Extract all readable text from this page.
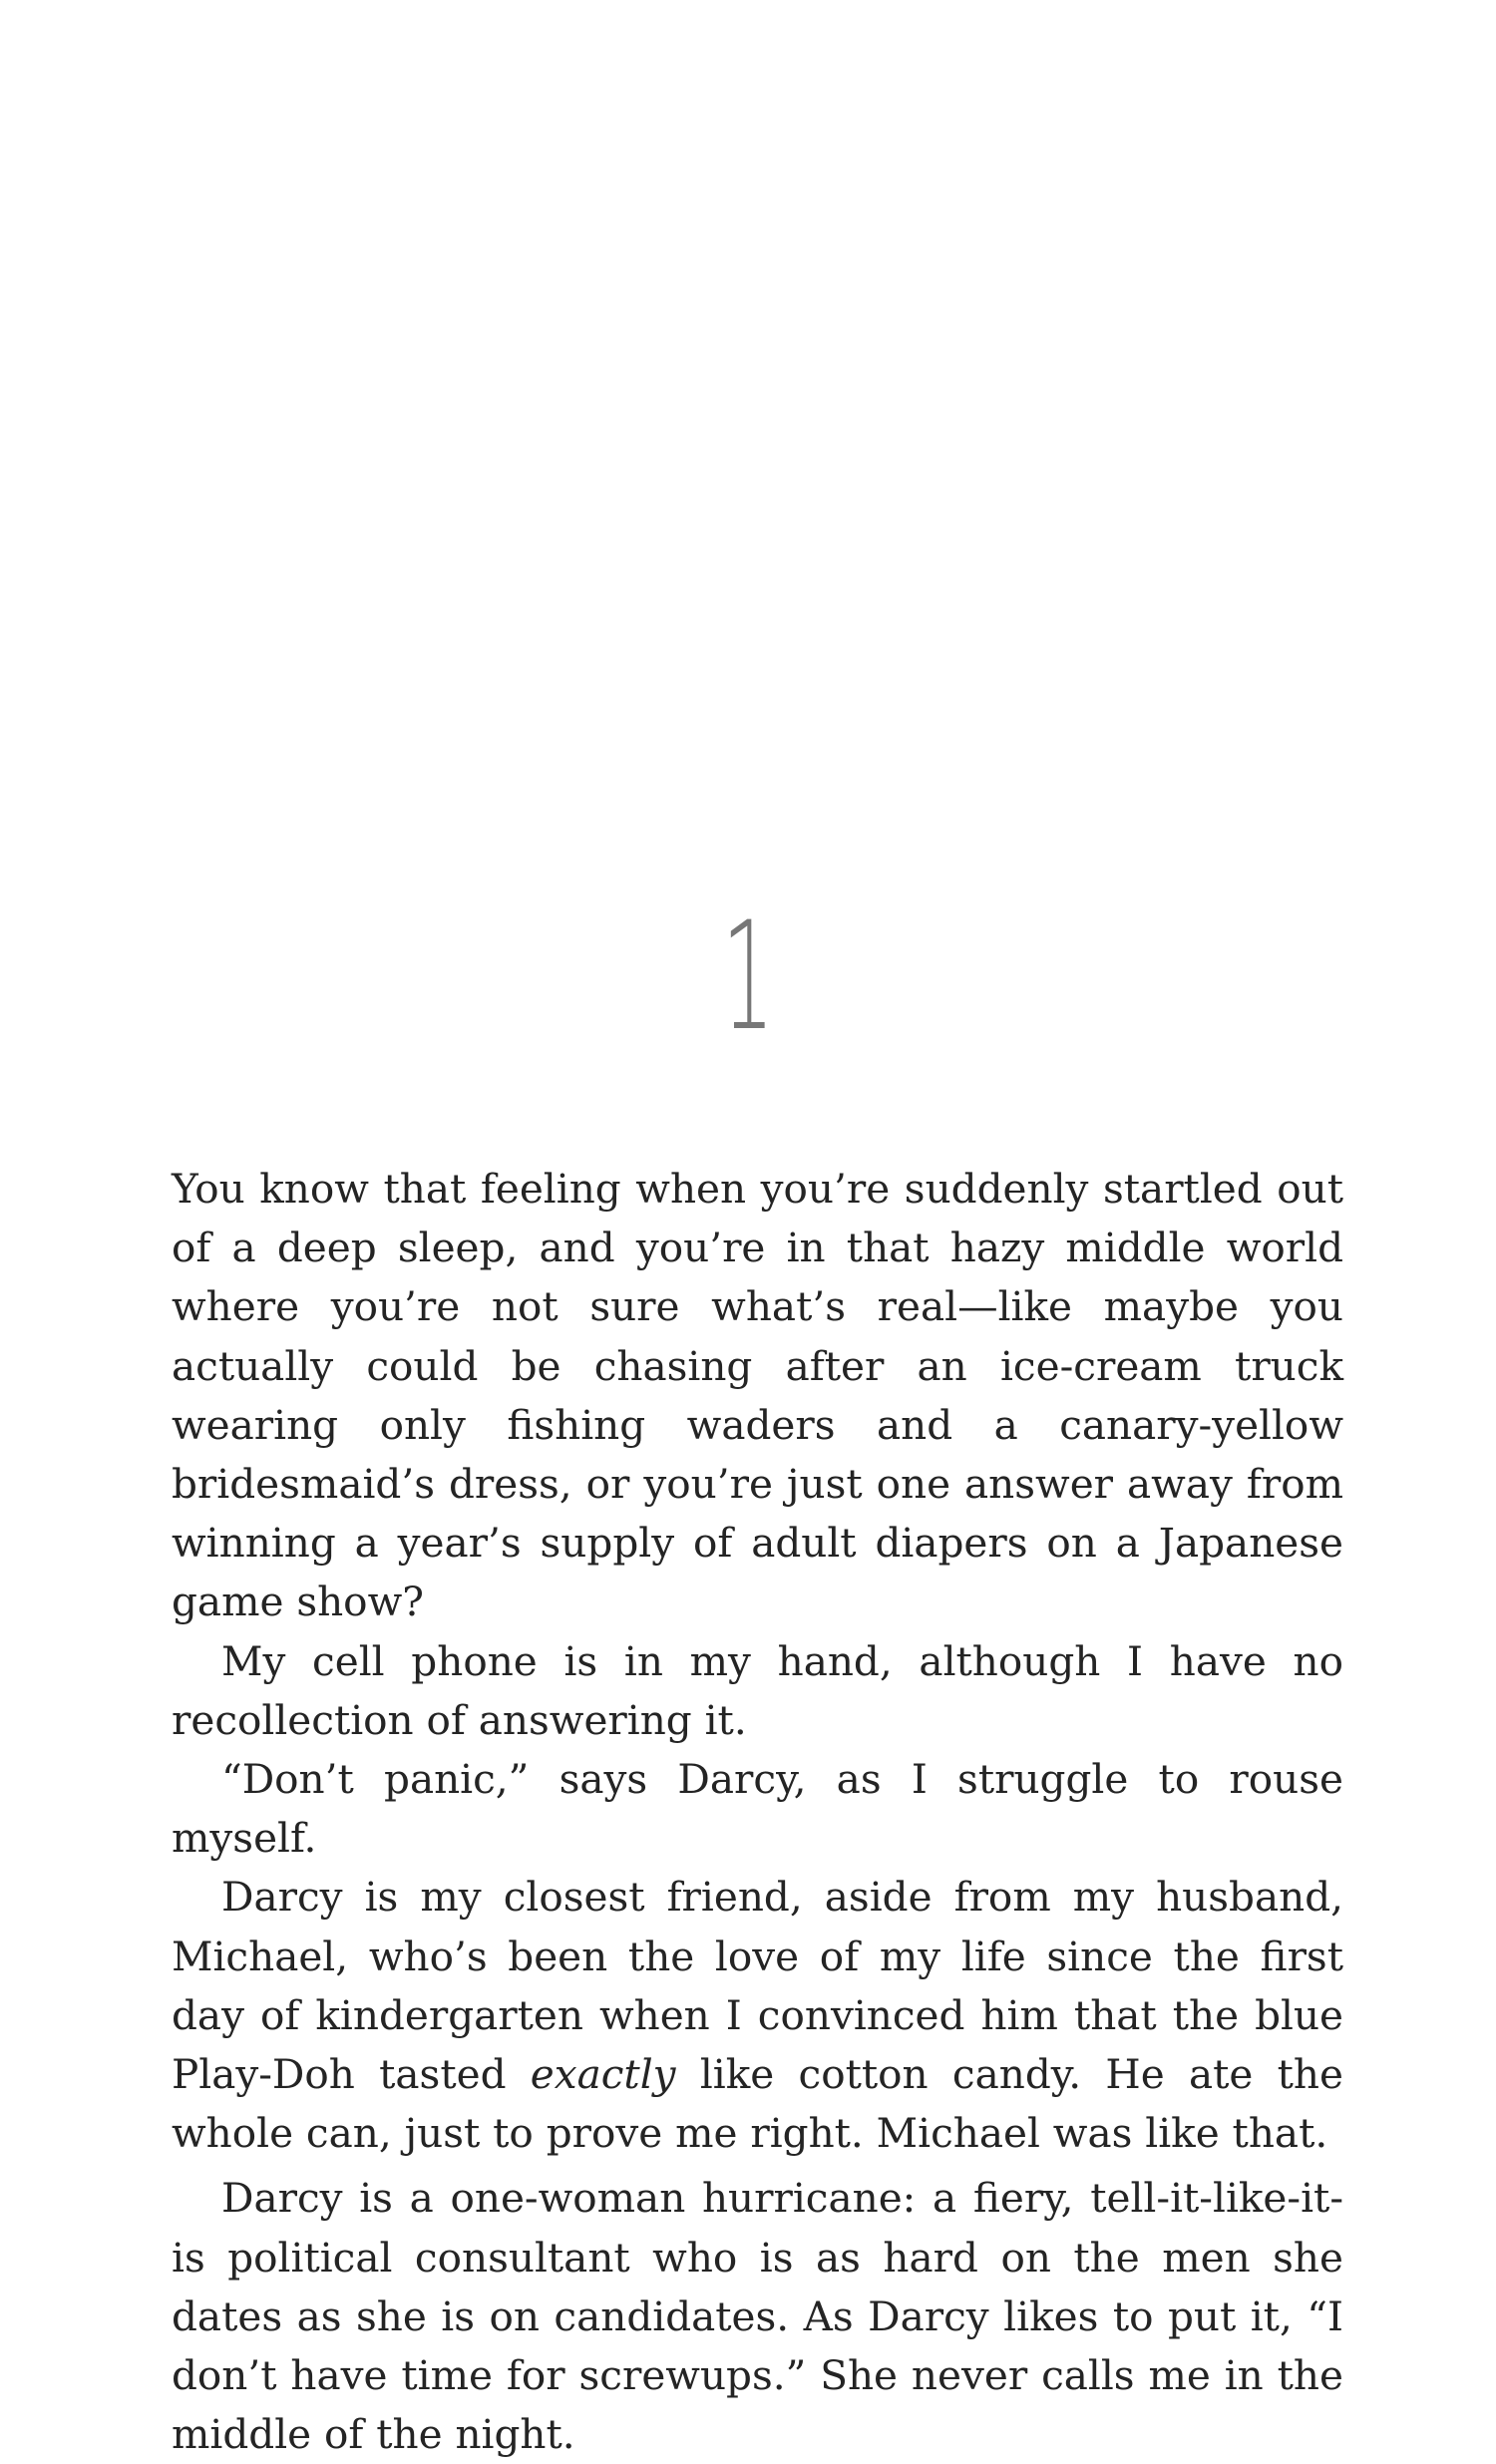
1

You know that feeling when you’re suddenly startled out of a deep sleep, and you’re in that hazy middle world where you’re not sure what’s real—like maybe you actually could be chasing after an ice-cream truck wearing only fishing waders and a canary-yellow bridesmaid’s dress, or you’re just one answer away from winning a year’s supply of adult diapers on a Japanese game show?

My cell phone is in my hand, although I have no recollection of answering it.

“Don’t panic,” says Darcy, as I struggle to rouse myself.

Darcy is my closest friend, aside from my husband, Michael, who’s been the love of my life since the first day of kindergarten when I convinced him that the blue Play-Doh tasted exactly like cotton candy. He ate the whole can, just to prove me right. Michael was like that.

Darcy is a one-woman hurricane: a fiery, tell-it-like-it-is political consultant who is as hard on the men she dates as she is on candidates. As Darcy likes to put it, “I don’t have time for screwups.” She never calls me in the middle of the night.
